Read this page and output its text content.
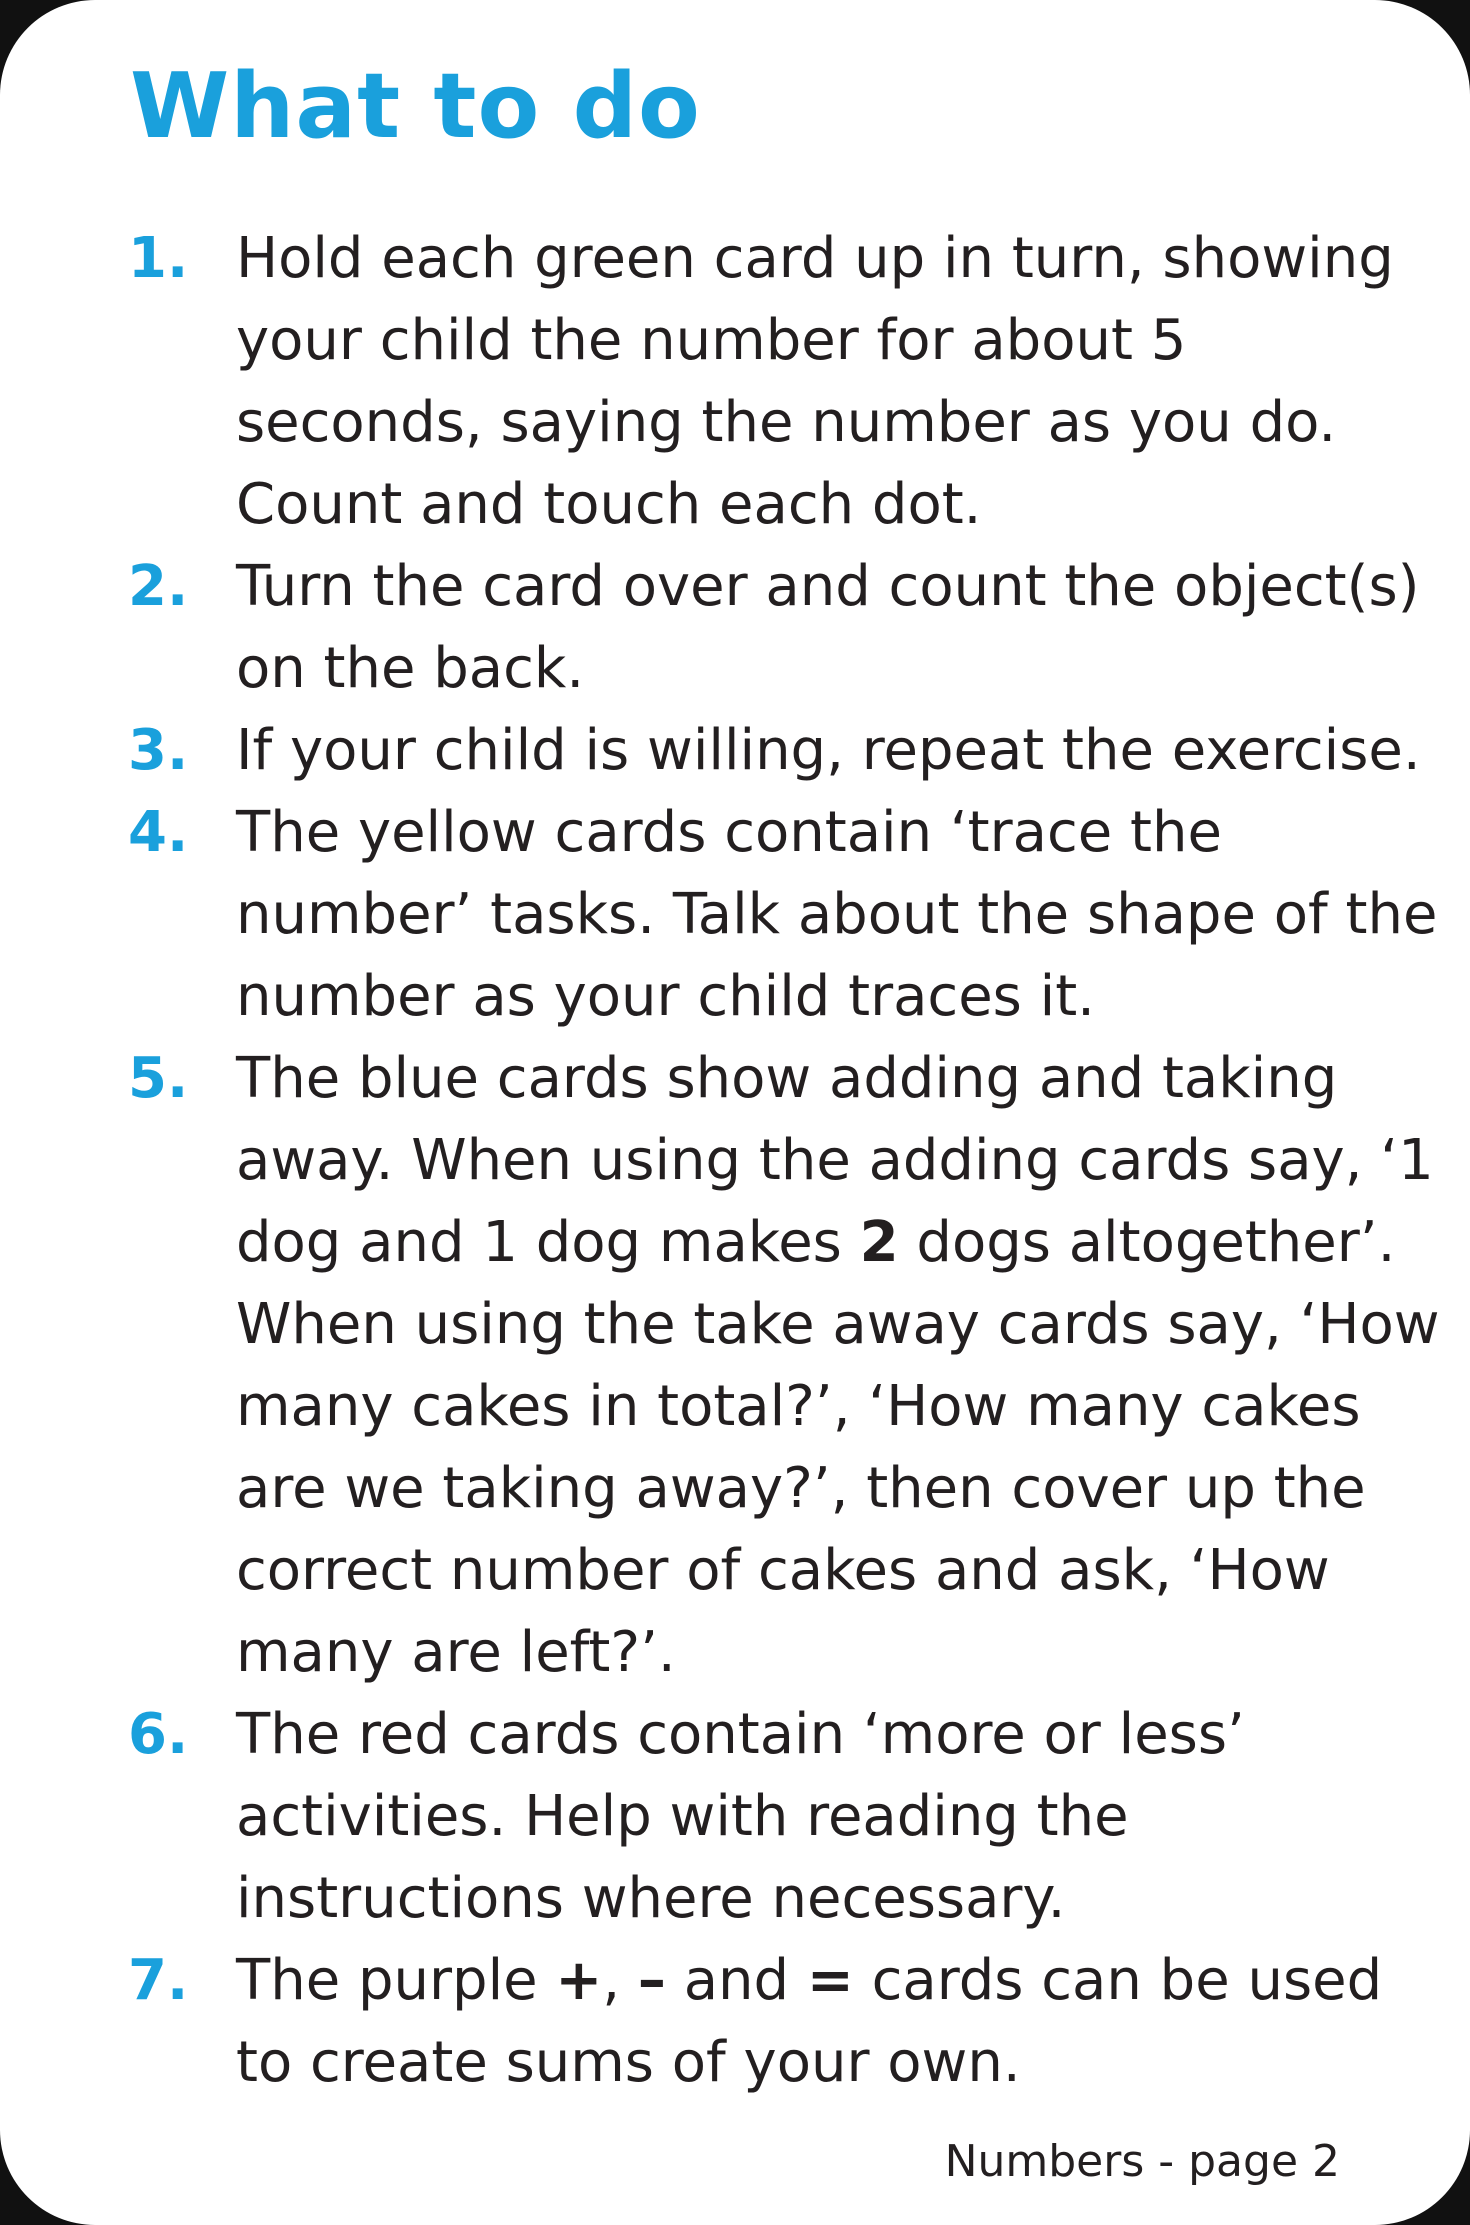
What to do
1. Hold each green card up in turn, showing your child the number for about 5 seconds, saying the number as you do. Count and touch each dot.
2. Turn the card over and count the object(s) on the back.
3. If your child is willing, repeat the exercise.
4. The yellow cards contain ‘trace the number’ tasks. Talk about the shape of the number as your child traces it.
5. The blue cards show adding and taking away. When using the adding cards say, ‘1 dog and 1 dog makes 2 dogs altogether’. When using the take away cards say, ‘How many cakes in total?’, ‘How many cakes are we taking away?’, then cover up the correct number of cakes and ask, ‘How many are left?’.
6. The red cards contain ‘more or less’ activities. Help with reading the instructions where necessary.
7. The purple +, – and = cards can be used to create sums of your own.
Numbers - page 2
